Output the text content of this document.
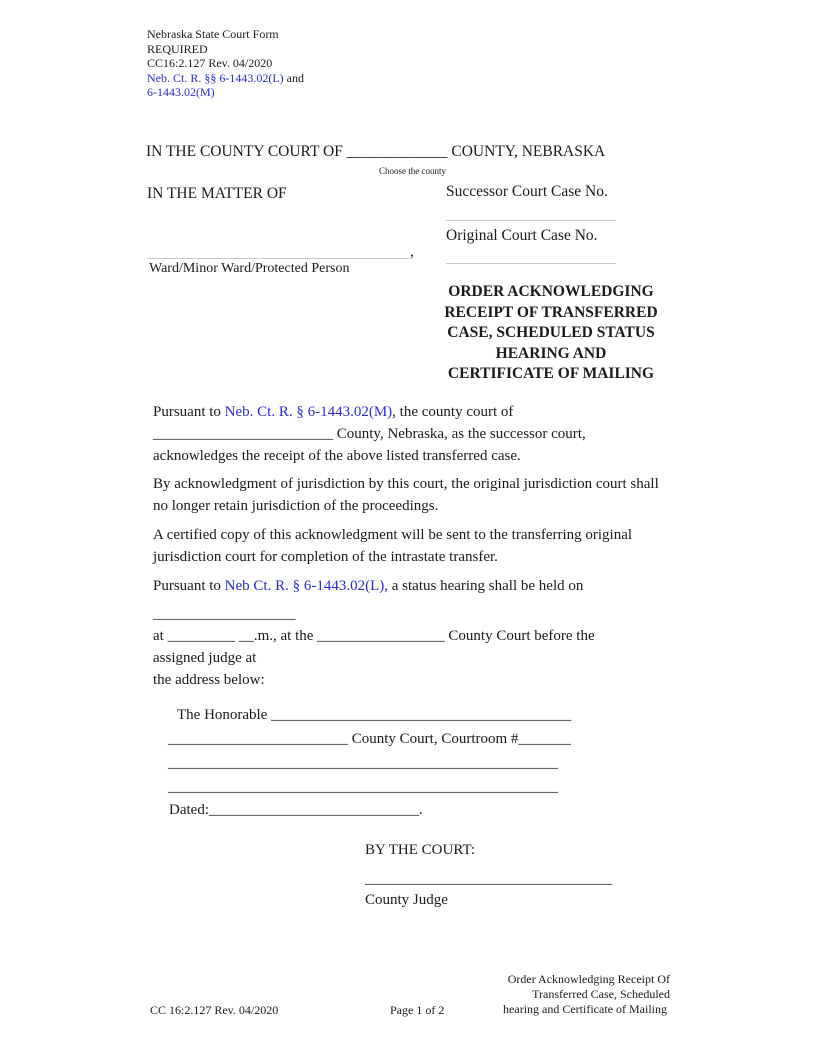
Nebraska State Court Form
REQUIRED
CC16:2.127 Rev. 04/2020
Neb. Ct. R. §§ 6-1443.02(L) and
6-1443.02(M)
IN THE COUNTY COURT OF _____________ COUNTY, NEBRASKA
Choose the county
IN THE MATTER OF
,
Ward/Minor Ward/Protected Person
Successor Court Case No.
Original Court Case No.
ORDER ACKNOWLEDGING
RECEIPT OF TRANSFERRED
CASE, SCHEDULED STATUS
HEARING AND
CERTIFICATE OF MAILING

Pursuant to Neb. Ct. R. § 6-1443.02(M), the county court of

________________________ County, Nebraska, as the successor court,

acknowledges the receipt of the above listed transferred case.

By acknowledgment of jurisdiction by this court, the original jurisdiction court shall no longer retain jurisdiction of the proceedings.
A certified copy of this acknowledgment will be sent to the transferring original jurisdiction court for completion of the intrastate transfer.

Pursuant to Neb Ct. R. § 6-1443.02(L), a status hearing shall be held on

___________________

at _________ __.m., at the _________________ County Court before the

assigned judge at

the address below:

The Honorable ________________________________________
________________________ County Court, Courtroom #_______
____________________________________________________
____________________________________________________
Dated:____________________________.
BY THE COURT:
_________________________________
County Judge
CC 16:2.127 Rev. 04/2020	Page 1 of 2
Order Acknowledging Receipt Of
Transferred Case, Scheduled
hearing and Certificate of Mailing
